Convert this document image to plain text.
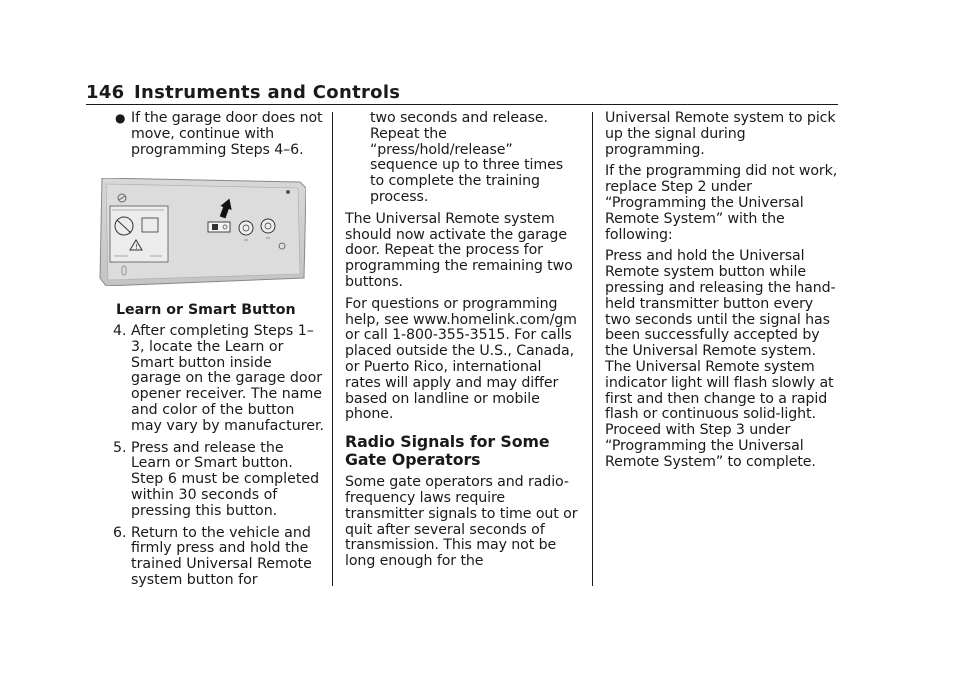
146 Instruments and Controls
● If the garage door does not move, continue with programming Steps 4–6.
!
Learn or Smart Button
4. After completing Steps 1–3, locate the Learn or Smart button inside garage on the garage door opener receiver. The name and color of the button may vary by manufacturer.
5. Press and release the Learn or Smart button. Step 6 must be completed within 30 seconds of pressing this button.
6. Return to the vehicle and firmly press and hold the trained Universal Remote system button for

two seconds and release. Repeat the “press/hold/release” sequence up to three times to complete the training process.

The Universal Remote system should now activate the garage door. Repeat the process for programming the remaining two buttons.

For questions or programming help, see www.homelink.com/gm or call 1-800-355-3515. For calls placed outside the U.S., Canada, or Puerto Rico, international rates will apply and may differ based on landline or mobile phone.

Radio Signals for Some Gate Operators

Some gate operators and radio-frequency laws require transmitter signals to time out or quit after several seconds of transmission. This may not be long enough for the

Universal Remote system to pick up the signal during programming.

If the programming did not work, replace Step 2 under “Programming the Universal Remote System” with the following:

Press and hold the Universal Remote system button while pressing and releasing the hand-held transmitter button every two seconds until the signal has been successfully accepted by the Universal Remote system. The Universal Remote system indicator light will flash slowly at first and then change to a rapid flash or continuous solid-light. Proceed with Step 3 under “Programming the Universal Remote System” to complete.
